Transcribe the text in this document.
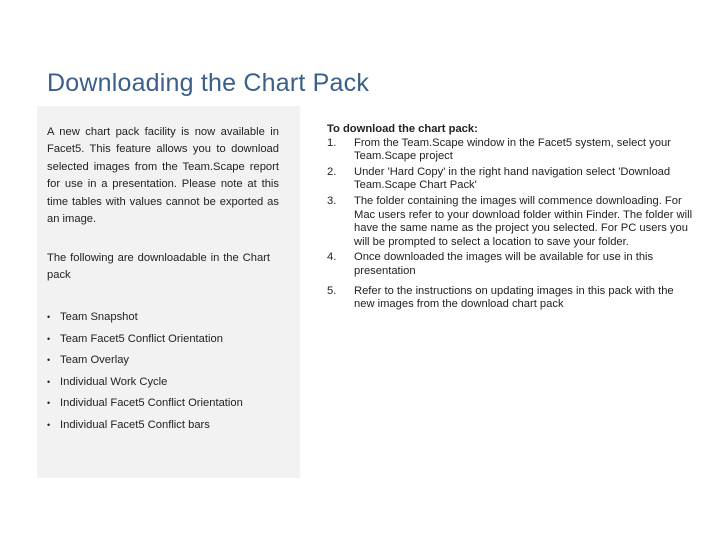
Downloading the Chart Pack

A new chart pack facility is now available in Facet5. This feature allows you to download selected images from the Team.Scape report for use in a presentation. Please note at this time tables with values cannot be exported as an image.

The following are downloadable in the Chart pack

• Team Snapshot
• Team Facet5 Conflict Orientation
• Team Overlay
• Individual Work Cycle
• Individual Facet5 Conflict Orientation
• Individual Facet5 Conflict bars
To download the chart pack:
1. From the Team.Scape window in the Facet5 system, select your Team.Scape project
2. Under 'Hard Copy' in the right hand navigation select 'Download Team.Scape Chart Pack'
3. The folder containing the images will commence downloading. For Mac users refer to your download folder within Finder. The folder will have the same name as the project you selected. For PC users you will be prompted to select a location to save your folder.
4. Once downloaded the images will be available for use in this presentation
5. Refer to the instructions on updating images in this pack with the new images from the download chart pack
